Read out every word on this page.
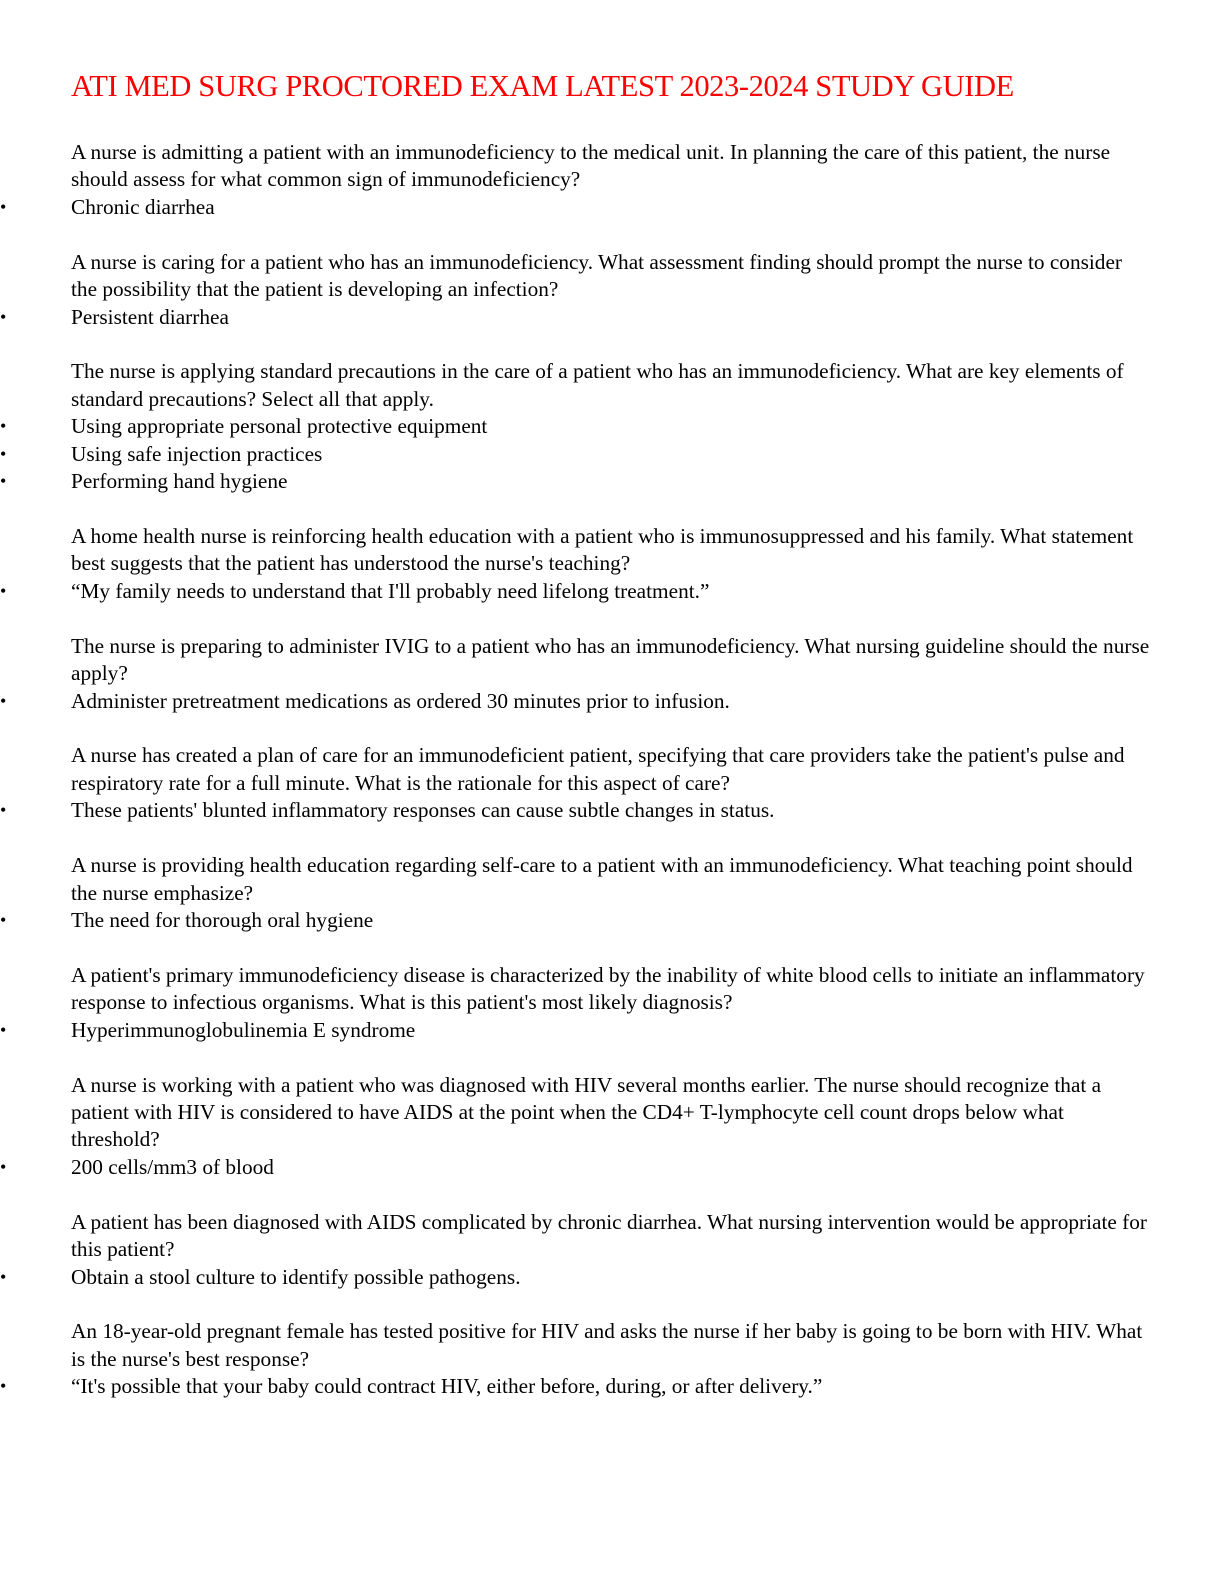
ATI MED SURG PROCTORED EXAM LATEST 2023-2024 STUDY GUIDE
A nurse is admitting a patient with an immunodeficiency to the medical unit. In planning the care of this patient, the nurse should assess for what common sign of immunodeficiency?
•	Chronic diarrhea
A nurse is caring for a patient who has an immunodeficiency. What assessment finding should prompt the nurse to consider the possibility that the patient is developing an infection?
•	Persistent diarrhea
The nurse is applying standard precautions in the care of a patient who has an immunodeficiency. What are key elements of standard precautions? Select all that apply.
•	Using appropriate personal protective equipment
•	Using safe injection practices
•	Performing hand hygiene
A home health nurse is reinforcing health education with a patient who is immunosuppressed and his family. What statement best suggests that the patient has understood the nurse's teaching?
•	“My family needs to understand that I'll probably need lifelong treatment.”
The nurse is preparing to administer IVIG to a patient who has an immunodeficiency. What nursing guideline should the nurse apply?
•	Administer pretreatment medications as ordered 30 minutes prior to infusion.
A nurse has created a plan of care for an immunodeficient patient, specifying that care providers take the patient's pulse and respiratory rate for a full minute. What is the rationale for this aspect of care?
•	These patients' blunted inflammatory responses can cause subtle changes in status.
A nurse is providing health education regarding self-care to a patient with an immunodeficiency. What teaching point should the nurse emphasize?
•	The need for thorough oral hygiene
A patient's primary immunodeficiency disease is characterized by the inability of white blood cells to initiate an inflammatory response to infectious organisms. What is this patient's most likely diagnosis?
•	Hyperimmunoglobulinemia E syndrome
A nurse is working with a patient who was diagnosed with HIV several months earlier. The nurse should recognize that a patient with HIV is considered to have AIDS at the point when the CD4+ T-lymphocyte cell count drops below what threshold?
•	200 cells/mm3 of blood
A patient has been diagnosed with AIDS complicated by chronic diarrhea. What nursing intervention would be appropriate for this patient?
•	Obtain a stool culture to identify possible pathogens.
An 18-year-old pregnant female has tested positive for HIV and asks the nurse if her baby is going to be born with HIV. What is the nurse's best response?
•	“It's possible that your baby could contract HIV, either before, during, or after delivery.”
